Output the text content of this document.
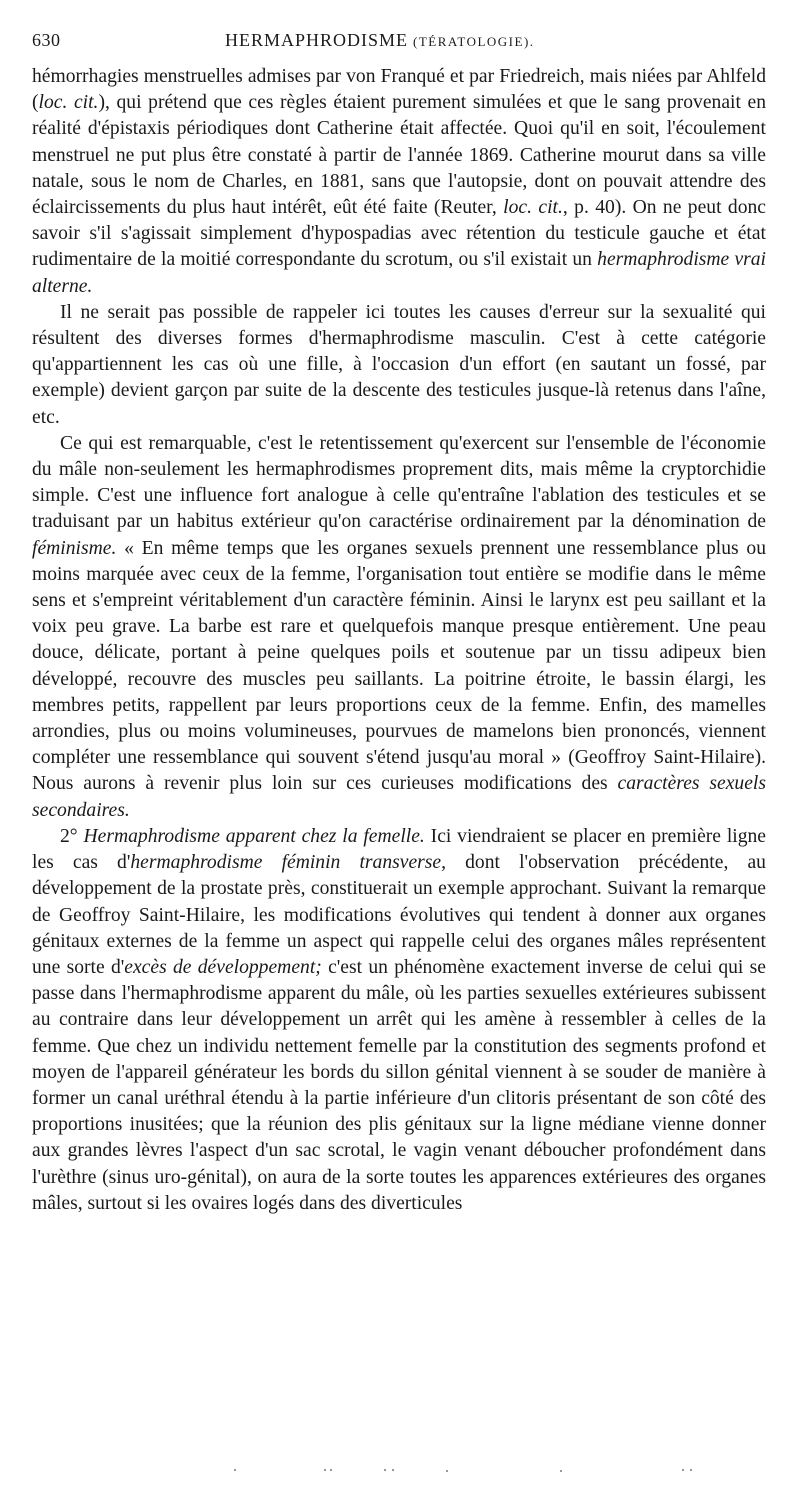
630	HERMAPHRODISME (TÉRATOLOGIE).

hémorrhagies menstruelles admises par von Franqué et par Friedreich, mais niées par Ahlfeld (loc. cit.), qui prétend que ces règles étaient purement simulées et que le sang provenait en réalité d'épistaxis périodiques dont Catherine était affectée. Quoi qu'il en soit, l'écoulement menstruel ne put plus être constaté à partir de l'année 1869. Catherine mourut dans sa ville natale, sous le nom de Charles, en 1881, sans que l'autopsie, dont on pouvait attendre des éclaircissements du plus haut intérêt, eût été faite (Reuter, loc. cit., p. 40). On ne peut donc savoir s'il s'agissait simplement d'hypospadias avec rétention du testicule gauche et état rudimentaire de la moitié correspondante du scrotum, ou s'il existait un hermaphrodisme vrai alterne.

Il ne serait pas possible de rappeler ici toutes les causes d'erreur sur la sexualité qui résultent des diverses formes d'hermaphrodisme masculin. C'est à cette catégorie qu'appartiennent les cas où une fille, à l'occasion d'un effort (en sautant un fossé, par exemple) devient garçon par suite de la descente des testicules jusque-là retenus dans l'aîne, etc.

Ce qui est remarquable, c'est le retentissement qu'exercent sur l'ensemble de l'économie du mâle non-seulement les hermaphrodismes proprement dits, mais même la cryptorchidie simple. C'est une influence fort analogue à celle qu'entraîne l'ablation des testicules et se traduisant par un habitus extérieur qu'on caractérise ordinairement par la dénomination de féminisme. « En même temps que les organes sexuels prennent une ressemblance plus ou moins marquée avec ceux de la femme, l'organisation tout entière se modifie dans le même sens et s'empreint véritablement d'un caractère féminin. Ainsi le larynx est peu saillant et la voix peu grave. La barbe est rare et quelquefois manque presque entièrement. Une peau douce, délicate, portant à peine quelques poils et soutenue par un tissu adipeux bien développé, recouvre des muscles peu saillants. La poitrine étroite, le bassin élargi, les membres petits, rappellent par leurs proportions ceux de la femme. Enfin, des mamelles arrondies, plus ou moins volumineuses, pourvues de mamelons bien prononcés, viennent compléter une ressemblance qui souvent s'étend jusqu'au moral » (Geoffroy Saint-Hilaire). Nous aurons à revenir plus loin sur ces curieuses modifications des caractères sexuels secondaires.

2° Hermaphrodisme apparent chez la femelle. Ici viendraient se placer en première ligne les cas d'hermaphrodisme féminin transverse, dont l'observation précédente, au développement de la prostate près, constituerait un exemple approchant. Suivant la remarque de Geoffroy Saint-Hilaire, les modifications évolutives qui tendent à donner aux organes génitaux externes de la femme un aspect qui rappelle celui des organes mâles représentent une sorte d'excès de développement; c'est un phénomène exactement inverse de celui qui se passe dans l'hermaphrodisme apparent du mâle, où les parties sexuelles extérieures subissent au contraire dans leur développement un arrêt qui les amène à ressembler à celles de la femme. Que chez un individu nettement femelle par la constitution des segments profond et moyen de l'appareil générateur les bords du sillon génital viennent à se souder de manière à former un canal uréthral étendu à la partie inférieure d'un clitoris présentant de son côté des proportions inusitées; que la réunion des plis génitaux sur la ligne médiane vienne donner aux grandes lèvres l'aspect d'un sac scrotal, le vagin venant déboucher profondément dans l'urèthre (sinus uro-génital), on aura de la sorte toutes les apparences extérieures des organes mâles, surtout si les ovaires logés dans des diverticules
